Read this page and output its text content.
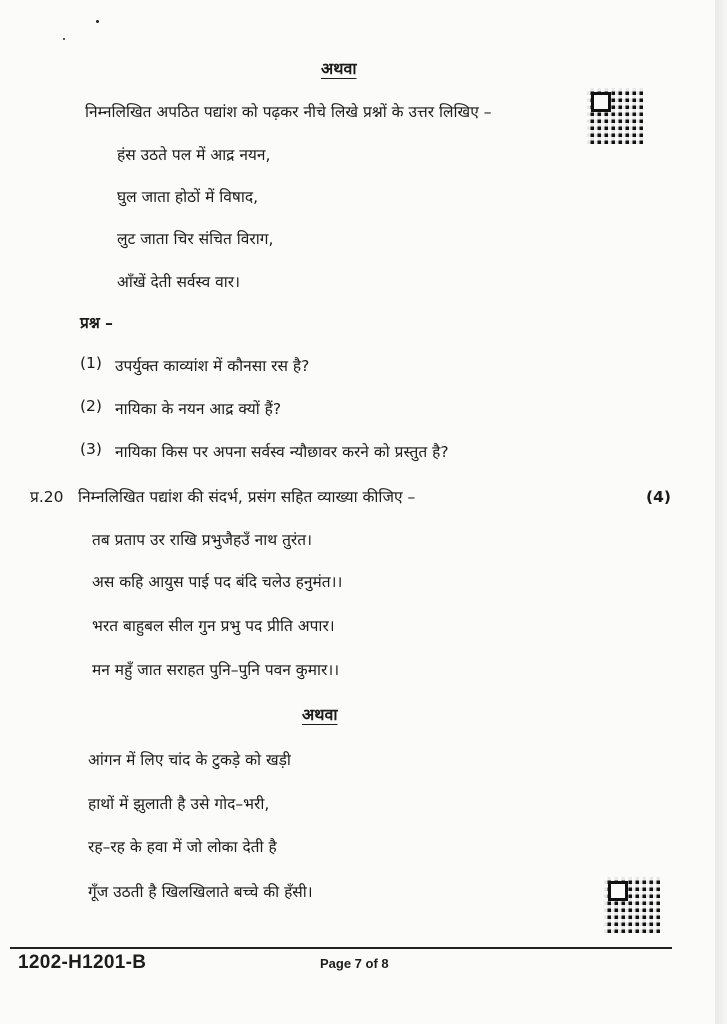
अथवा
निम्नलिखित अपठित पद्यांश को पढ़कर नीचे लिखे प्रश्नों के उत्तर लिखिए –
हंस उठते पल में आद्र नयन,
घुल जाता होठों में विषाद,
लुट जाता चिर संचित विराग,
आँखें देती सर्वस्व वार।
प्रश्न –
(1) उपर्युक्त काव्यांश में कौनसा रस है?
(2) नायिका के नयन आद्र क्यों हैं?
(3) नायिका किस पर अपना सर्वस्व न्यौछावर करने को प्रस्तुत है?
प्र.20 निम्नलिखित पद्यांश की संदर्भ, प्रसंग सहित व्याख्या कीजिए –	(4)
तब प्रताप उर राखि प्रभुजैहउँ नाथ तुरंत।
अस कहि आयुस पाई पद बंदि चलेउ हनुमंत।।
भरत बाहुबल सील गुन प्रभु पद प्रीति अपार।
मन महुँ जात सराहत पुनि–पुनि पवन कुमार।।
अथवा
आंगन में लिए चांद के टुकड़े को खड़ी
हाथों में झुलाती है उसे गोद–भरी,
रह–रह के हवा में जो लोका देती है
गूँज उठती है खिलखिलाते बच्चे की हँसी।
1202-H1201-B	Page 7 of 8
